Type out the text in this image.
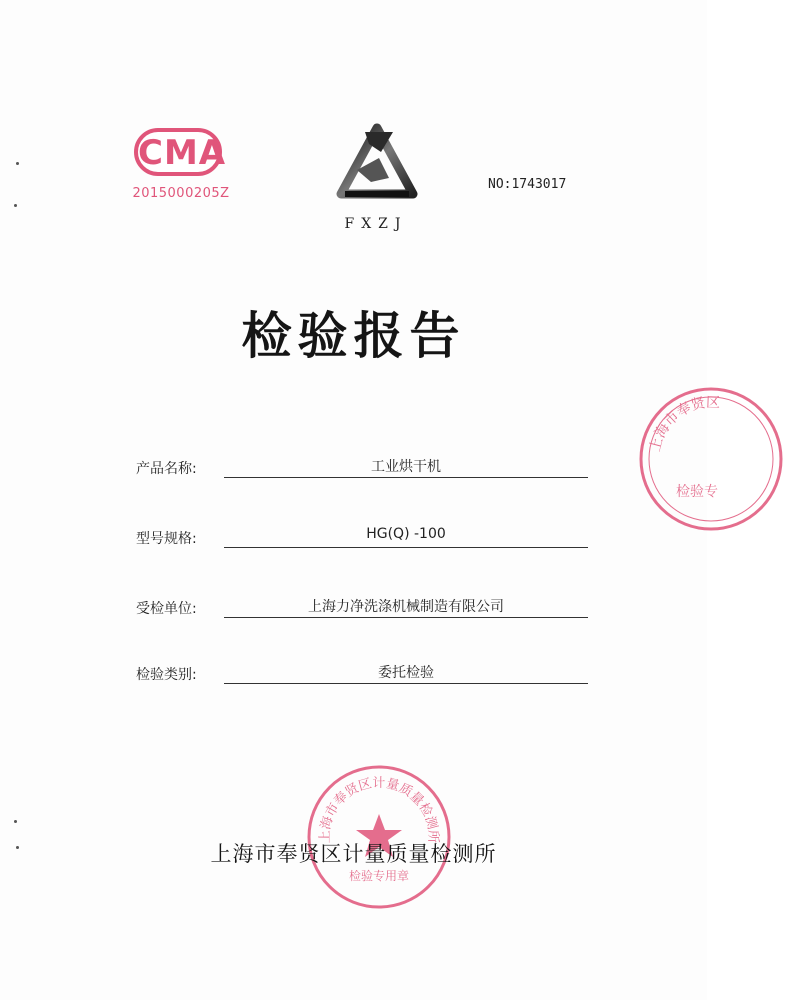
CMA
2015000205Z
FXZJ
NO:1743017
检验报告
产品名称:	工业烘干机
型号规格:	HG(Q) -100
受检单位:	上海力净洗涤机械制造有限公司
检验类别:	委托检验
上海市奉贤区
检验专
上海市奉贤区计量质量检测所
检验专用章
上海市奉贤区计量质量检测所
